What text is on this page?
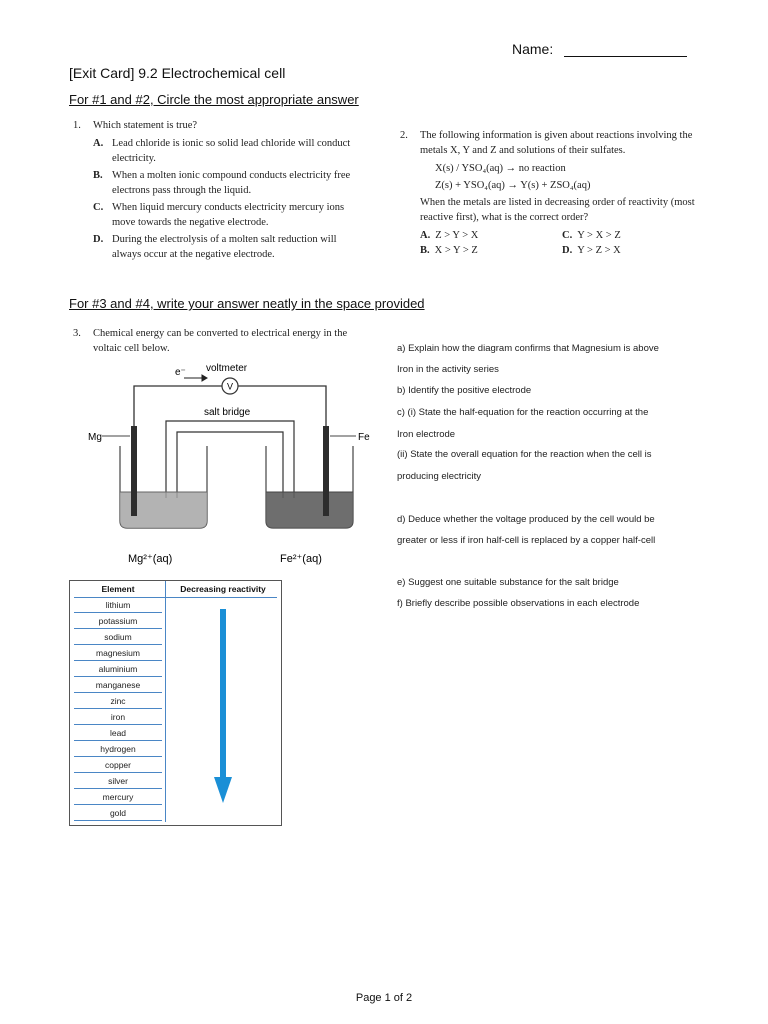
Name:
[Exit Card] 9.2 Electrochemical cell
For #1 and #2, Circle the most appropriate answer
1.	Which statement is true?
A. Lead chloride is ionic so solid lead chloride will conduct electricity.
B. When a molten ionic compound conducts electricity free electrons pass through the liquid.
C. When liquid mercury conducts electricity mercury ions move towards the negative electrode.
D. During the electrolysis of a molten salt reduction will always occur at the negative electrode.
2.	The following information is given about reactions involving the metals X, Y and Z and solutions of their sulfates.
X(s) / YSO₄(aq) → no reaction
Z(s) + YSO₄(aq) → Y(s) + ZSO₄(aq)
When the metals are listed in decreasing order of reactivity (most reactive first), what is the correct order?
A. Z > Y > X	C. Y > X > Z
B. X > Y > Z	D. Y > Z > X
For #3 and #4, write your answer neatly in the space provided
3.	Chemical energy can be converted to electrical energy in the voltaic cell below.
e⁻
V
voltmeter
salt bridge
Mg	Fe
Mg²⁺(aq)	Fe²⁺(aq)
a) Explain how the diagram confirms that Magnesium is above
Iron in the activity series
b) Identify the positive electrode
c) (i) State the half-equation for the reaction occurring at the
Iron electrode
(ii) State the overall equation for the reaction when the cell is
producing electricity
d) Deduce whether the voltage produced by the cell would be
greater or less if iron half-cell is replaced by a copper half-cell
e) Suggest one suitable substance for the salt bridge
f) Briefly describe possible observations in each electrode
Element	Decreasing reactivity
lithium
potassium
sodium
magnesium
aluminium
manganese
zinc
iron
lead
hydrogen
copper
silver
mercury
gold
Page 1 of 2
